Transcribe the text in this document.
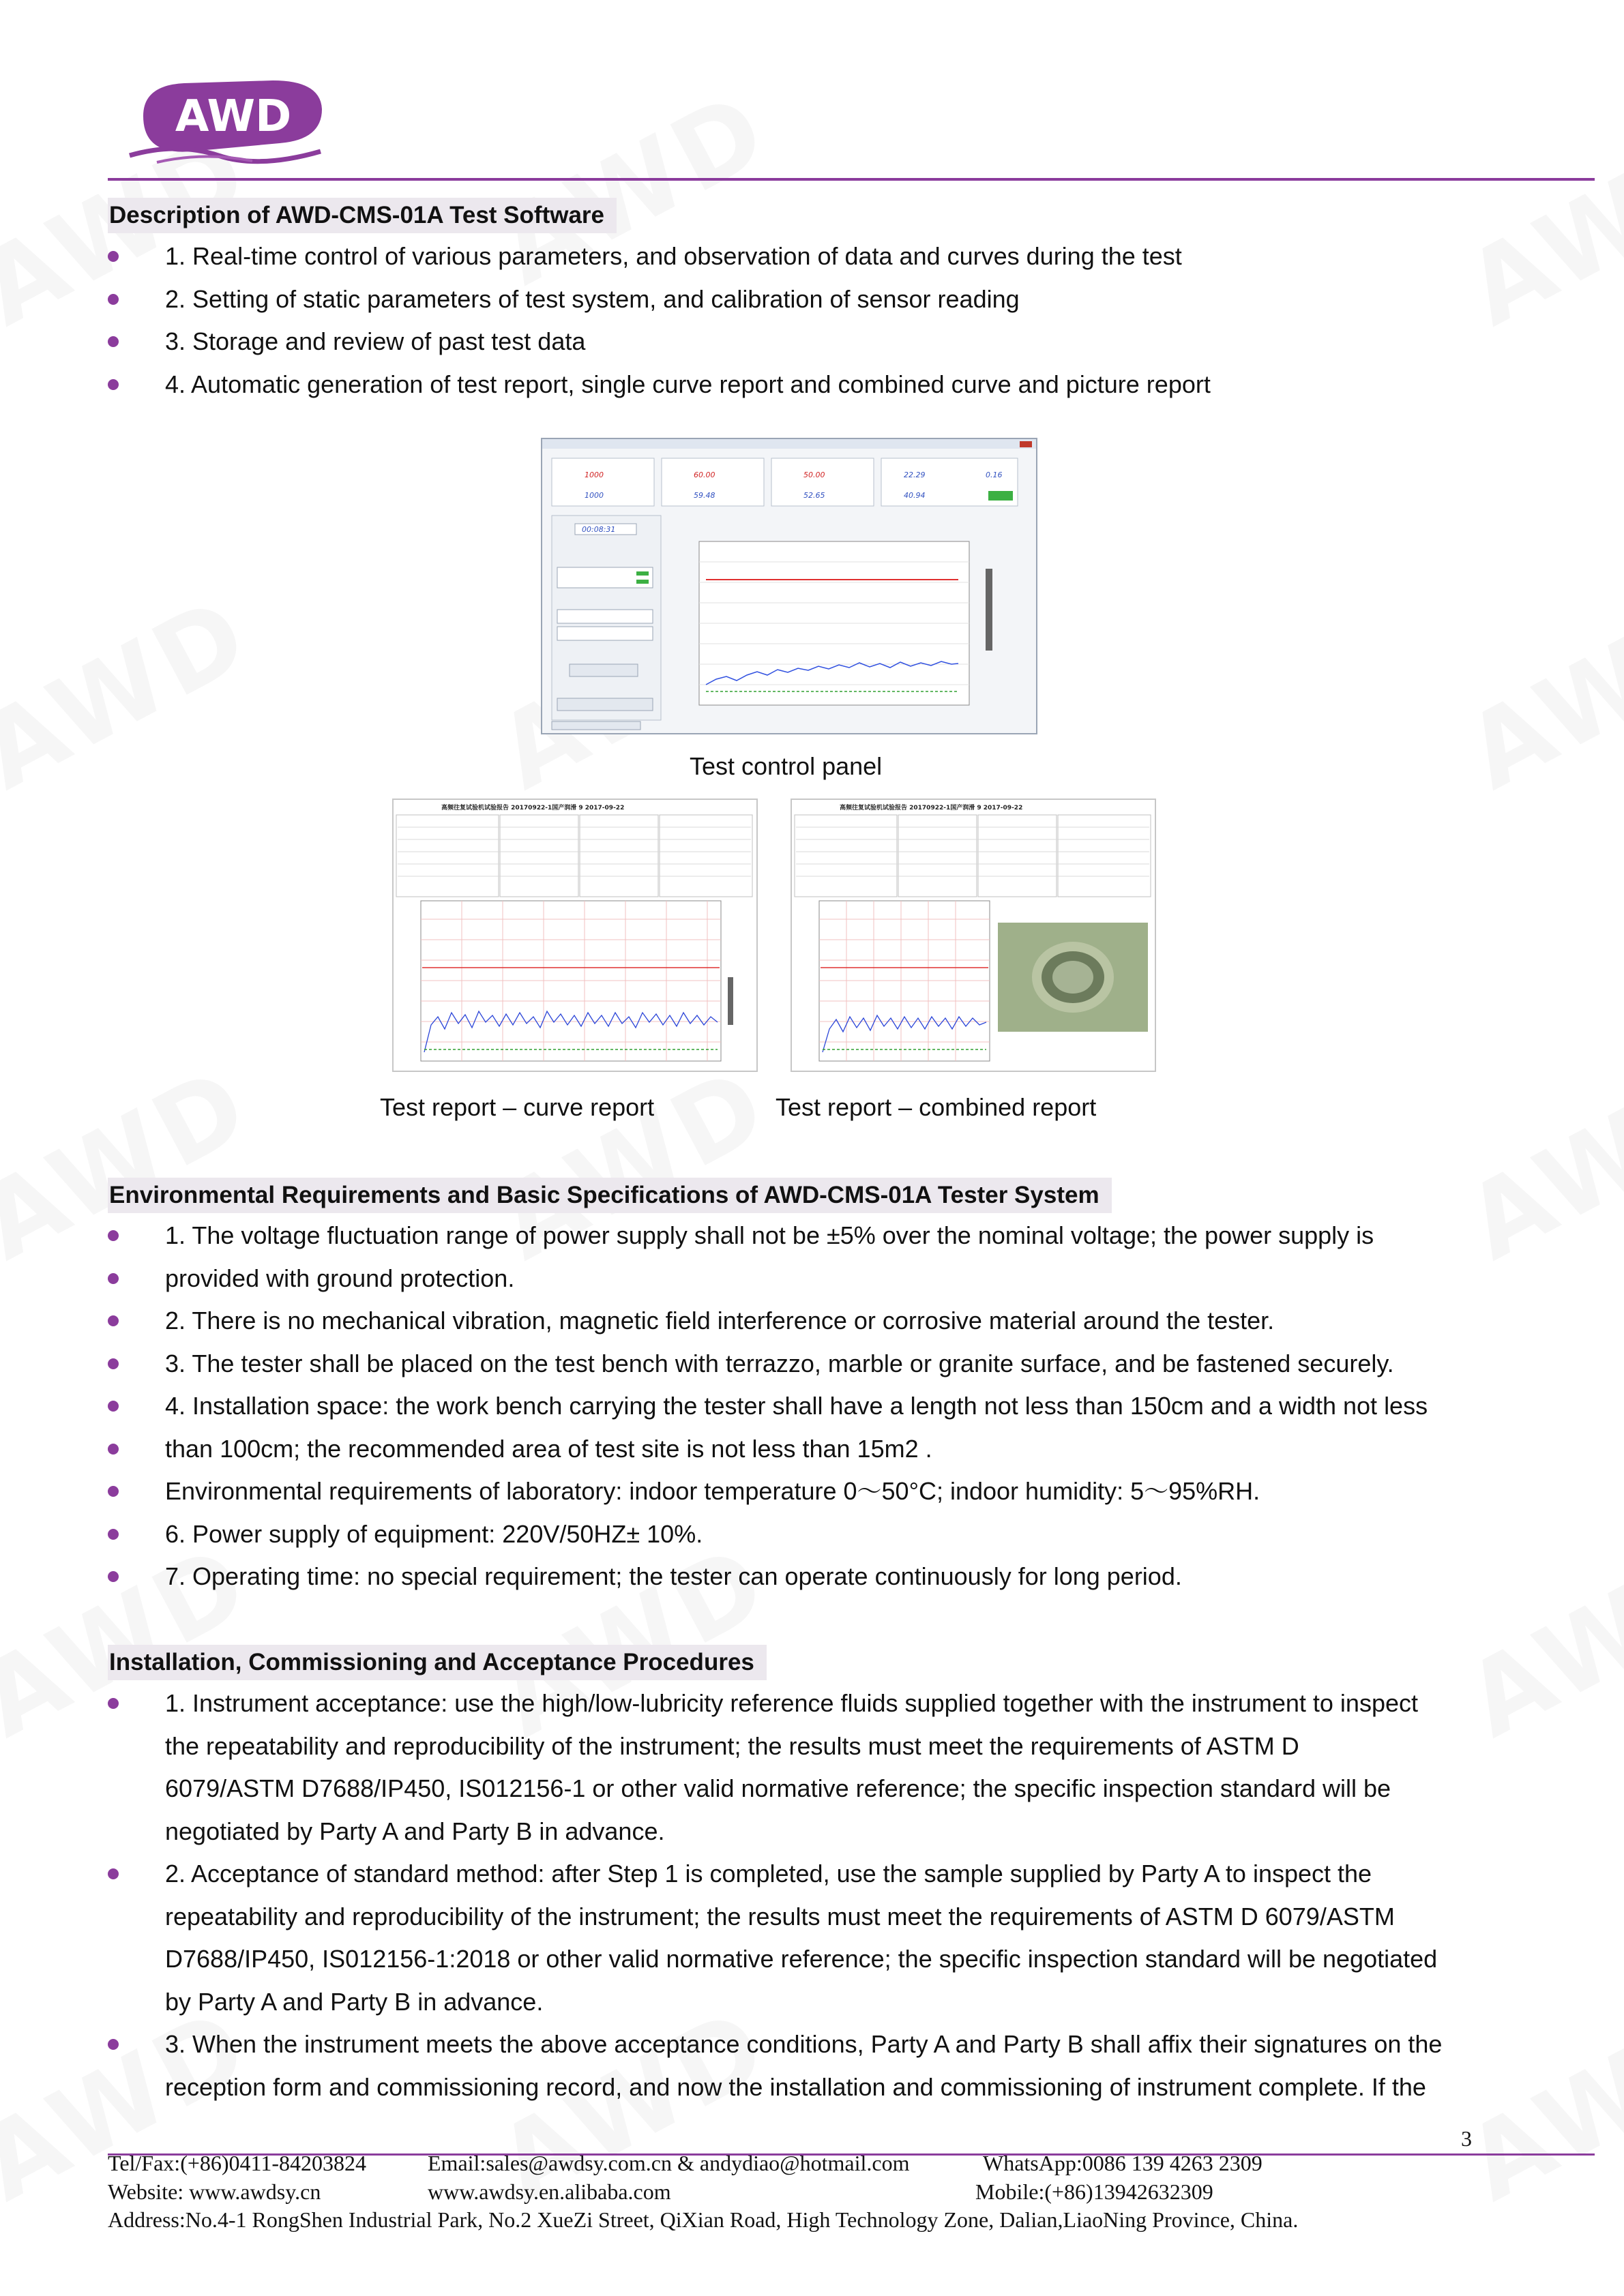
AWD
Description of AWD-CMS-01A Test Software
1. Real-time control of various parameters, and observation of data and curves during the test
2. Setting of static parameters of test system, and calibration of sensor reading
3. Storage and review of past test data
4. Automatic generation of test report, single curve report and combined curve and picture report
1000
1000
60.00
59.48
50.00
52.65
22.29
40.94
0.16
00:08:31
Test control panel
高频往复试验机试验报告 20170922-1国产润滑 9 2017-09-22
Test report – curve report
高频往复试验机试验报告 20170922-1国产润滑 9 2017-09-22
Test report – combined report
Environmental Requirements and Basic Specifications of AWD-CMS-01A Tester System
1. The voltage fluctuation range of power supply shall not be ±5% over the nominal voltage; the power supply is
provided with ground protection.
2. There is no mechanical vibration, magnetic field interference or corrosive material around the tester.
3. The tester shall be placed on the test bench with terrazzo, marble or granite surface, and be fastened securely.
4. Installation space: the work bench carrying the tester shall have a length not less than 150cm and a width not less
than 100cm; the recommended area of test site is not less than 15m2 .
Environmental requirements of laboratory: indoor temperature 0～50°C; indoor humidity: 5～95%RH.
6. Power supply of equipment: 220V/50HZ± 10%.
7. Operating time: no special requirement; the tester can operate continuously for long period.
Installation, Commissioning and Acceptance Procedures
1. Instrument acceptance: use the high/low-lubricity reference fluids supplied together with the instrument to inspect
the repeatability and reproducibility of the instrument; the results must meet the requirements of ASTM D
6079/ASTM D7688/IP450, IS012156-1 or other valid normative reference; the specific inspection standard will be
negotiated by Party A and Party B in advance.
2. Acceptance of standard method: after Step 1 is completed, use the sample supplied by Party A to inspect the
repeatability and reproducibility of the instrument; the results must meet the requirements of ASTM D 6079/ASTM
D7688/IP450, IS012156-1:2018 or other valid normative reference; the specific inspection standard will be negotiated
by Party A and Party B in advance.
3. When the instrument meets the above acceptance conditions, Party A and Party B shall affix their signatures on the
reception form and commissioning record, and now the installation and commissioning of instrument complete. If the
3
Tel/Fax:(+86)0411-84203824	Email:sales@awdsy.com.cn & andydiao@hotmail.com	WhatsApp:0086 139 4263 2309
Website: www.awdsy.cn	www.awdsy.en.alibaba.com	Mobile:(+86)13942632309
Address:No.4-1 RongShen Industrial Park, No.2 XueZi Street, QiXian Road, High Technology Zone, Dalian,LiaoNing Province, China.
